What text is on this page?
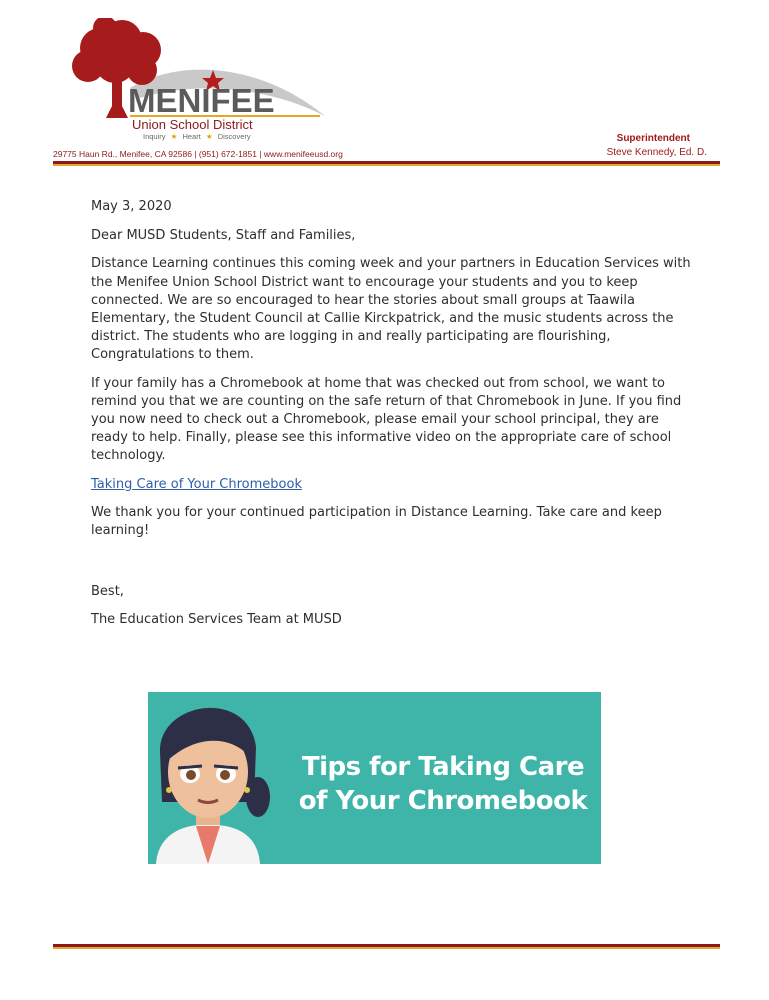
MENIFEE
Union School District
Inquiry ★ Heart ★ Discovery
29775 Haun Rd., Menifee, CA 92586 | (951) 672-1851 | www.menifeeusd.org
Superintendent
Steve Kennedy, Ed. D.

May 3, 2020

Dear MUSD Students, Staff and Families,

Distance Learning continues this coming week and your partners in Education Services with the Menifee Union School District want to encourage your students and you to keep connected. We are so encouraged to hear the stories about small groups at Taawila Elementary, the Student Council at Callie Kirckpatrick, and the music students across the district. The students who are logging in and really participating are flourishing, Congratulations to them.

If your family has a Chromebook at home that was checked out from school, we want to remind you that we are counting on the safe return of that Chromebook in June. If you find you now need to check out a Chromebook, please email your school principal, they are ready to help. Finally, please see this informative video on the appropriate care of school technology.

Taking Care of Your Chromebook

We thank you for your continued participation in Distance Learning. Take care and keep learning!

Best,

The Education Services Team at MUSD

Tips for Taking Care
of Your Chromebook
